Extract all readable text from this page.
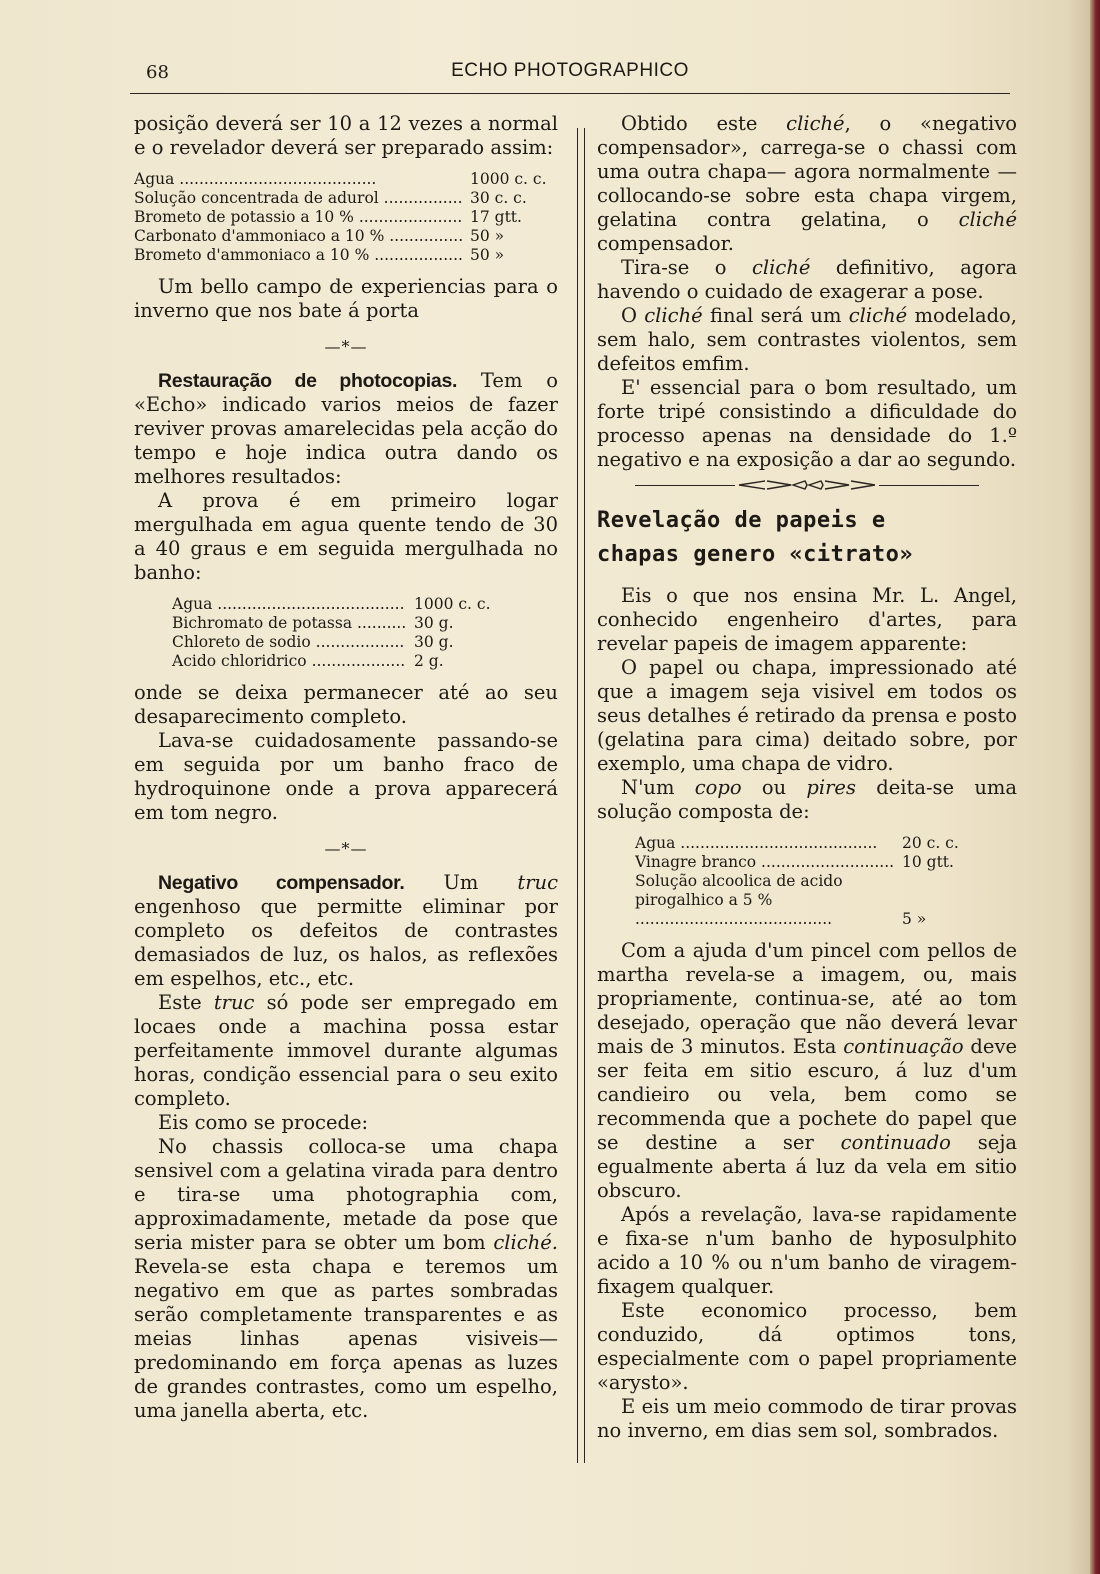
68	ECHO PHOTOGRAPHICO

posição deverá ser 10 a 12 vezes a normal e o revelador deverá ser preparado assim:

Agua .....	1000 c. c.
Solução concentrada de adurol .....	30 c. c.
Brometo de potassio a 10 % .....	17 gtt.
Carbonato d'ammoniaco a 10 % .....	50 »
Brometo d'ammoniaco a 10 % .....	50 »

Um bello campo de experiencias para o inverno que nos bate á porta

—*—

Restauração de photocopias. Tem o «Echo» indicado varios meios de fazer reviver provas amarelecidas pela acção do tempo e hoje indica outra dando os melhores resultados:

A prova é em primeiro logar mergulhada em agua quente tendo de 30 a 40 graus e em seguida mergulhada no banho:

Agua .....	1000 c. c.
Bichromato de potassa .....	30 g.
Chloreto de sodio .....	30 g.
Acido chloridrico .....	2 g.

onde se deixa permanecer até ao seu desaparecimento completo.

Lava-se cuidadosamente passando-se em seguida por um banho fraco de hydroquinone onde a prova apparecerá em tom negro.

—*—

Negativo compensador. Um truc engenhoso que permitte eliminar por completo os defeitos de contrastes demasiados de luz, os halos, as reflexões em espelhos, etc., etc.

Este truc só pode ser empregado em locaes onde a machina possa estar perfeitamente immovel durante algumas horas, condição essencial para o seu exito completo.

Eis como se procede:

No chassis colloca-se uma chapa sensivel com a gelatina virada para dentro e tira-se uma photographia com, approximadamente, metade da pose que seria mister para se obter um bom cliché. Revela-se esta chapa e teremos um negativo em que as partes sombradas serão completamente transparentes e as meias linhas apenas visiveis—predominando em força apenas as luzes de grandes contrastes, como um espelho, uma janella aberta, etc.

Obtido este cliché, o «negativo compensador», carrega-se o chassi com uma outra chapa— agora normalmente —collocando-se sobre esta chapa virgem, gelatina contra gelatina, o cliché compensador.

Tira-se o cliché definitivo, agora havendo o cuidado de exagerar a pose.

O cliché final será um cliché modelado, sem halo, sem contrastes violentos, sem defeitos emfim.

E' essencial para o bom resultado, um forte tripé consistindo a dificuldade do processo apenas na densidade do 1.º negativo e na exposição a dar ao segundo.

Revelação de papeis e
chapas genero «citrato»

Eis o que nos ensina Mr. L. Angel, conhecido engenheiro d'artes, para revelar papeis de imagem apparente:

O papel ou chapa, impressionado até que a imagem seja visivel em todos os seus detalhes é retirado da prensa e posto (gelatina para cima) deitado sobre, por exemplo, uma chapa de vidro.

N'um copo ou pires deita-se uma solução composta de:

Agua .....	20 c. c.
Vinagre branco .....	10 gtt.
Solução alcoolica de acido pirogalhico a 5 % .....
5 »

Com a ajuda d'um pincel com pellos de martha revela-se a imagem, ou, mais propriamente, continua-se, até ao tom desejado, operação que não deverá levar mais de 3 minutos. Esta continuação deve ser feita em sitio escuro, á luz d'um candieiro ou vela, bem como se recommenda que a pochete do papel que se destine a ser continuado seja egualmente aberta á luz da vela em sitio obscuro.

Após a revelação, lava-se rapidamente e fixa-se n'um banho de hyposulphito acido a 10 % ou n'um banho de viragem-fixagem qualquer.

Este economico processo, bem conduzido, dá optimos tons, especialmente com o papel propriamente «arysto».

E eis um meio commodo de tirar provas no inverno, em dias sem sol, sombrados.
